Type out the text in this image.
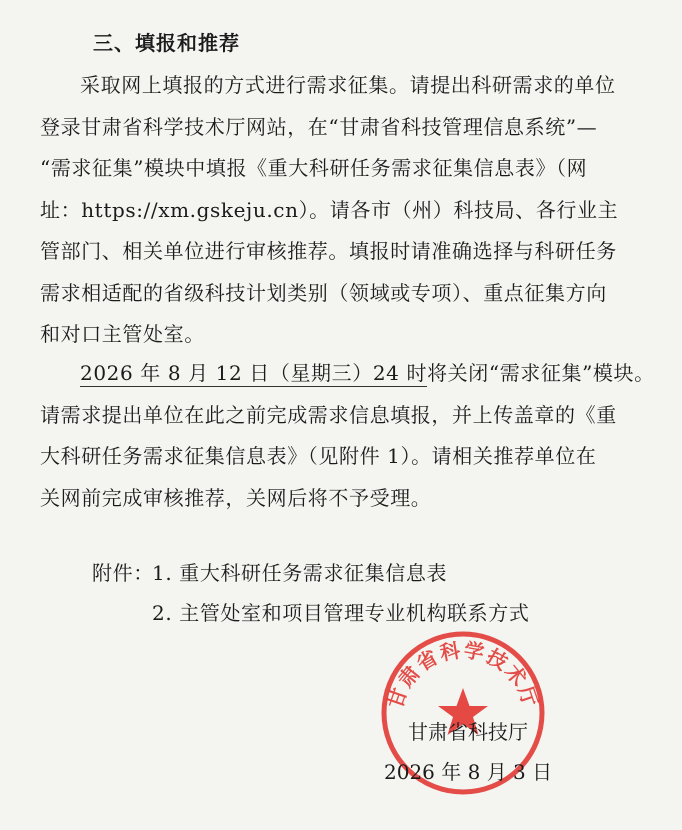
三、填报和推荐
采取网上填报的方式进行需求征集。请提出科研需求的单位
登录甘肃省科学技术厅网站，在“甘肃省科技管理信息系统”—
“需求征集”模块中填报《重大科研任务需求征集信息表》（网
址：https://xm.gskeju.cn）。请各市（州）科技局、各行业主
管部门、相关单位进行审核推荐。填报时请准确选择与科研任务
需求相适配的省级科技计划类别（领域或专项）、重点征集方向
和对口主管处室。
2026 年 8 月 12 日（星期三）24 时将关闭“需求征集”模块。
请需求提出单位在此之前完成需求信息填报，并上传盖章的《重
大科研任务需求征集信息表》（见附件 1）。请相关推荐单位在
关网前完成审核推荐，关网后将不予受理。
附件：
1. 重大科研任务需求征集信息表
2. 主管处室和项目管理专业机构联系方式
甘肃省科学技术厅
甘肃省科技厅
2026 年 8 月 3 日
